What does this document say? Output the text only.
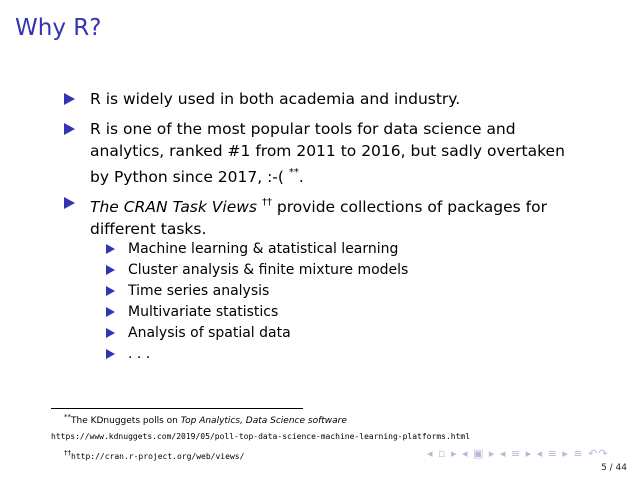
Why R?
R is widely used in both academia and industry.
R is one of the most popular tools for data science and
analytics, ranked #1 from 2011 to 2016, but sadly overtaken
by Python since 2017, :-( **.
The CRAN Task Views †† provide collections of packages for
different tasks.
Machine learning & atatistical learning
Cluster analysis & finite mixture models
Time series analysis
Multivariate statistics
Analysis of spatial data
. . .
**The KDnuggets polls on Top Analytics, Data Science software
https://www.kdnuggets.com/2019/05/poll-top-data-science-machine-learning-platforms.html
††http://cran.r-project.org/web/views/	◂ ▫ ▸ ◂ ▣ ▸ ◂ ≡ ▸ ◂ ≡ ▸ ≡ ↶↷
5 / 44
